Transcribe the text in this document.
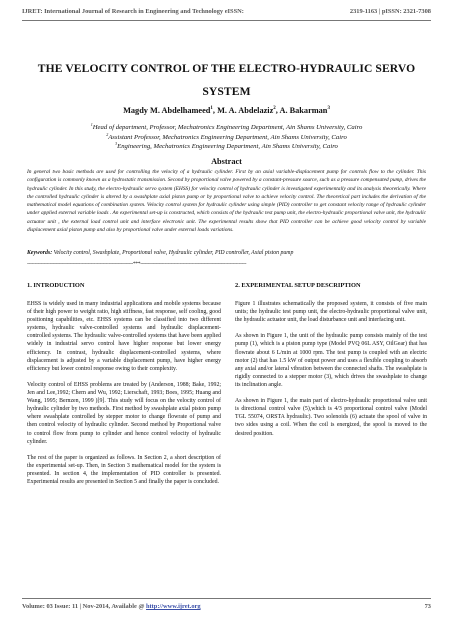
IJRET: International Journal of Research in Engineering and Technology eISSN:	2319-1163 | pISSN: 2321-7308
THE VELOCITY CONTROL OF THE ELECTRO-HYDRAULIC SERVO SYSTEM
Magdy M. Abdelhameed$^1$, M. A. Abdelaziz$^2$, A. Bakarman$^3$
$^1$Head of department, Professor, Mechatronics Engineering Department, Ain Shams University, Cairo
$^2$Assistant Professor, Mechatronics Engineering Department, Ain Shams University, Cairo
$^3$Engineering, Mechatronics Engineering Department, Ain Shams University, Cairo
Abstract
In general two basic methods are used for controlling the velocity of a hydraulic cylinder. First by an axial variable-displacement pump for controls flow to the cylinder. This configuration is commonly known as a hydrostatic transmission. Second by proportional valve powered by a constant-pressure source, such as a pressure compensated pump, drives the hydraulic cylinder. In this study, the electro-hydraulic servo system (EHSS) for velocity control of hydraulic cylinder is investigated experimentally and its analysis theoretically. Where the controlled hydraulic cylinder is altered by a swashplate axial piston pump or by proportional valve to achieve velocity control. The theoretical part includes the derivation of the mathematical model equations of combination system. Velocity control system for hydraulic cylinder using simple (PID) controller to get constant velocity range of hydraulic cylinder under applied external variable loads . An experimental set-up is constructed, which consists of the hydraulic test pump unit, the electro-hydraulic proportional valve unit, the hydraulic actuator unit , the external load control unit and interface electronic unit. The experimental results show that PID controller can be achieve good velocity control by variable displacement axial piston pump and also by proportional valve under external loads variations.
Keywords: Velocity control, Swashplate, Proportional valve, Hydraulic cylinder, PID controller, Axial piston pump
----------------------------------------------------------------------***----------------------------------------------------------------------
1. INTRODUCTION

EHSS is widely used in many industrial applications and mobile systems because of their high power to weight ratio, high stiffness, fast response, self cooling, good positioning capabilities, etc. EHSS systems can be classified into two different systems, hydraulic valve-controlled systems and hydraulic displacement-controlled systems. The hydraulic valve-controlled systems that have been applied widely in industrial servo control have higher response but lower energy efficiency. In contrast, hydraulic displacement-controlled systems, where displacement is adjusted by a variable displacement pump, have higher energy efficiency but lower control response owing to their complexity.

Velocity control of EHSS problems are treated by (Anderson, 1988; Bake, 1992; Jen and Lee,1992; Chern and Wu, 1992; Lierschaft, 1993; Boes, 1995; Huang and Wang, 1995; Bernzen, 1999 )[9]. This study will focus on the velocity control of hydraulic cylinder by two methods. First method by swashplate axial piston pump where swashplate controlled by stepper motor to change flowrate of pump and then control velocity of hydraulic cylinder. Second method by Proportional valve to control flow from pump to cylinder and hence control velocity of hydraulic cylinder.

The rest of the paper is organized as follows. In Section 2, a short description of the experimental set-up. Then, in Section 3 mathematical model for the system is presented. In section 4, the implementation of PID controller is presented. Experimental results are presented in Section 5 and finally the paper is concluded.

2. EXPERIMENTAL SETUP DESCRIPTION

Figure 1 illustrates schematically the proposed system, it consists of five main units; the hydraulic test pump unit, the electro-hydraulic proportional valve unit, the hydraulic actuator unit, the load disturbance unit and interfacing unit.

As shown in Figure 1, the unit of the hydraulic pump consists mainly of the test pump (1), which is a piston pump type (Model PVQ 06L ASY, OilGear) that has flowrate about 6 L/min at 1000 rpm. The test pump is coupled with an electric motor (2) that has 1.5 kW of output power and uses a flexible coupling to absorb any axial and/or lateral vibration between the connected shafts. The swashplate is rigidly connected to a stepper motor (3), which drives the swashplate to change its inclination angle.

As shown in Figure 1, the main part of electro-hydraulic proportional valve unit is directional control valve (5),which is 4/3 proportional control valve (Model TGL 55074, ORSTA hydraulic). Two solenoids (6) actuate the spool of valve in two sides using a coil. When the coil is energized, the spool is moved to the desired position.

Volume: 03 Issue: 11 | Nov-2014, Available @ http://www.ijret.org	73
